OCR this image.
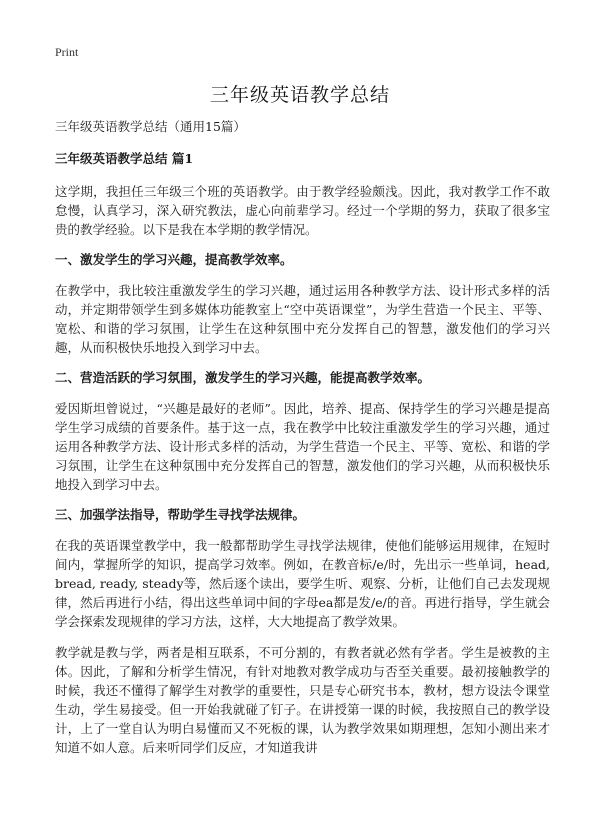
Print
三年级英语教学总结

三年级英语教学总结（通用15篇）

三年级英语教学总结 篇1

这学期，我担任三年级三个班的英语教学。由于教学经验颇浅。因此，我对教学工作不敢怠慢，认真学习，深入研究教法，虚心向前辈学习。经过一个学期的努力，获取了很多宝贵的教学经验。以下是我在本学期的教学情况。

一、激发学生的学习兴趣，提高教学效率。

在教学中，我比较注重激发学生的学习兴趣，通过运用各种教学方法、设计形式多样的活动，并定期带领学生到多媒体功能教室上“空中英语课堂”，为学生营造一个民主、平等、宽松、和谐的学习氛围，让学生在这种氛围中充分发挥自己的智慧，激发他们的学习兴趣，从而积极快乐地投入到学习中去。

二、营造活跃的学习氛围，激发学生的学习兴趣，能提高教学效率。

爱因斯坦曾说过，“兴趣是最好的老师”。因此，培养、提高、保持学生的学习兴趣是提高学生学习成绩的首要条件。基于这一点，我在教学中比较注重激发学生的学习兴趣，通过运用各种教学方法、设计形式多样的活动，为学生营造一个民主、平等、宽松、和谐的学习氛围，让学生在这种氛围中充分发挥自己的智慧，激发他们的学习兴趣，从而积极快乐地投入到学习中去。

三、加强学法指导，帮助学生寻找学法规律。

在我的英语课堂教学中，我一般都帮助学生寻找学法规律，使他们能够运用规律，在短时间内，掌握所学的知识，提高学习效率。例如，在教音标/e/时，先出示一些单词，head, bread, ready, steady等，然后逐个读出，要学生听、观察、分析，让他们自己去发现规律，然后再进行小结，得出这些单词中间的字母ea都是发/e/的音。再进行指导，学生就会学会探索发现规律的学习方法，这样，大大地提高了教学效果。

教学就是教与学，两者是相互联系，不可分割的，有教者就必然有学者。学生是被教的主体。因此，了解和分析学生情况，有针对地教对教学成功与否至关重要。最初接触教学的时候，我还不懂得了解学生对教学的重要性，只是专心研究书本，教材，想方设法令课堂生动，学生易接受。但一开始我就碰了钉子。在讲授第一课的时候，我按照自己的教学设计，上了一堂自认为明白易懂而又不死板的课，认为教学效果如期理想，怎知小测出来才知道不如人意。后来听同学们反应，才知道我讲
